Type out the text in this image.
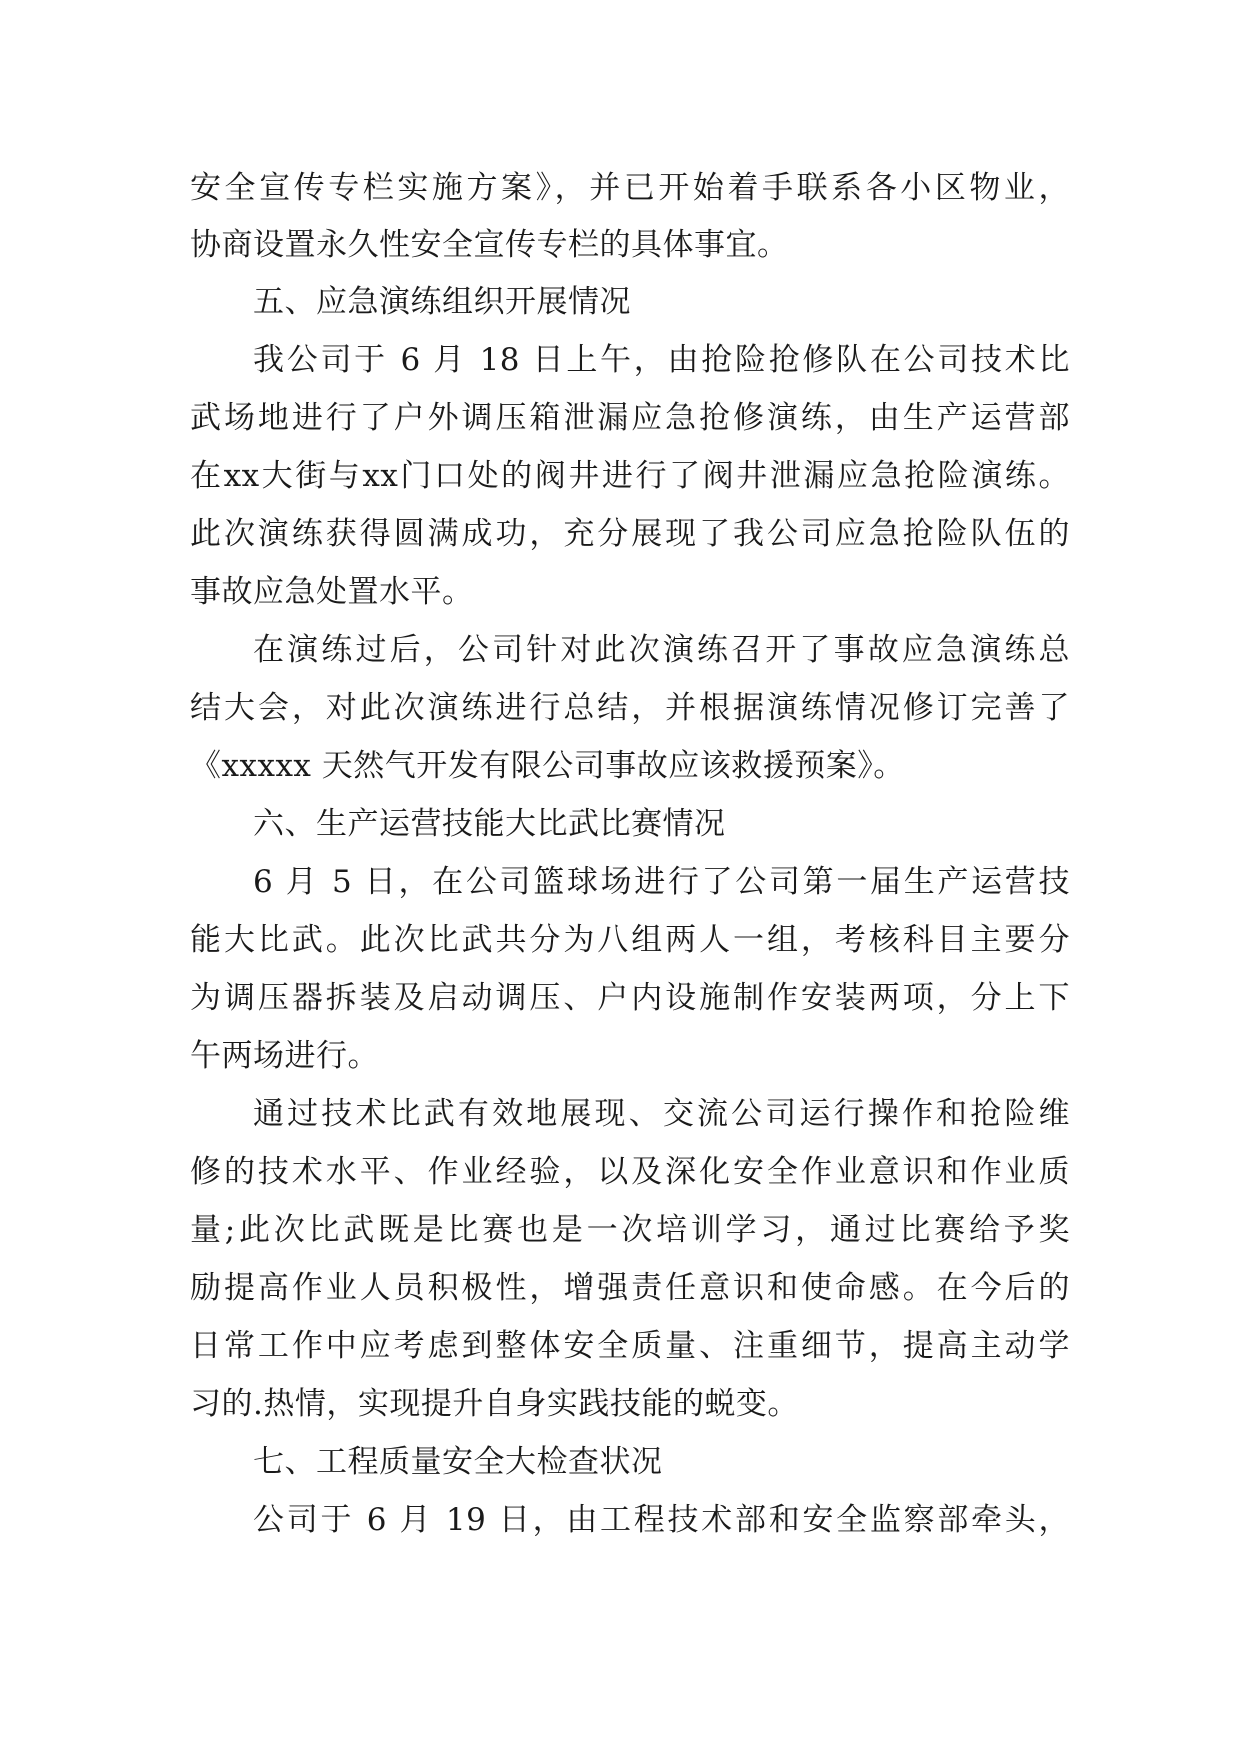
安全宣传专栏实施方案》，并已开始着手联系各小区物业，
协商设置永久性安全宣传专栏的具体事宜。
五、应急演练组织开展情况
我公司于 6 月 18 日上午，由抢险抢修队在公司技术比
武场地进行了户外调压箱泄漏应急抢修演练，由生产运营部
在xx大街与xx门口处的阀井进行了阀井泄漏应急抢险演练。
此次演练获得圆满成功，充分展现了我公司应急抢险队伍的
事故应急处置水平。
在演练过后，公司针对此次演练召开了事故应急演练总
结大会，对此次演练进行总结，并根据演练情况修订完善了
《xxxxx 天然气开发有限公司事故应该救援预案》。
六、生产运营技能大比武比赛情况
6 月 5 日，在公司篮球场进行了公司第一届生产运营技
能大比武。此次比武共分为八组两人一组，考核科目主要分
为调压器拆装及启动调压、户内设施制作安装两项，分上下
午两场进行。
通过技术比武有效地展现、交流公司运行操作和抢险维
修的技术水平、作业经验，以及深化安全作业意识和作业质
量;此次比武既是比赛也是一次培训学习，通过比赛给予奖
励提高作业人员积极性，增强责任意识和使命感。在今后的
日常工作中应考虑到整体安全质量、注重细节，提高主动学
习的.热情，实现提升自身实践技能的蜕变。
七、工程质量安全大检查状况
公司于 6 月 19 日，由工程技术部和安全监察部牵头，
